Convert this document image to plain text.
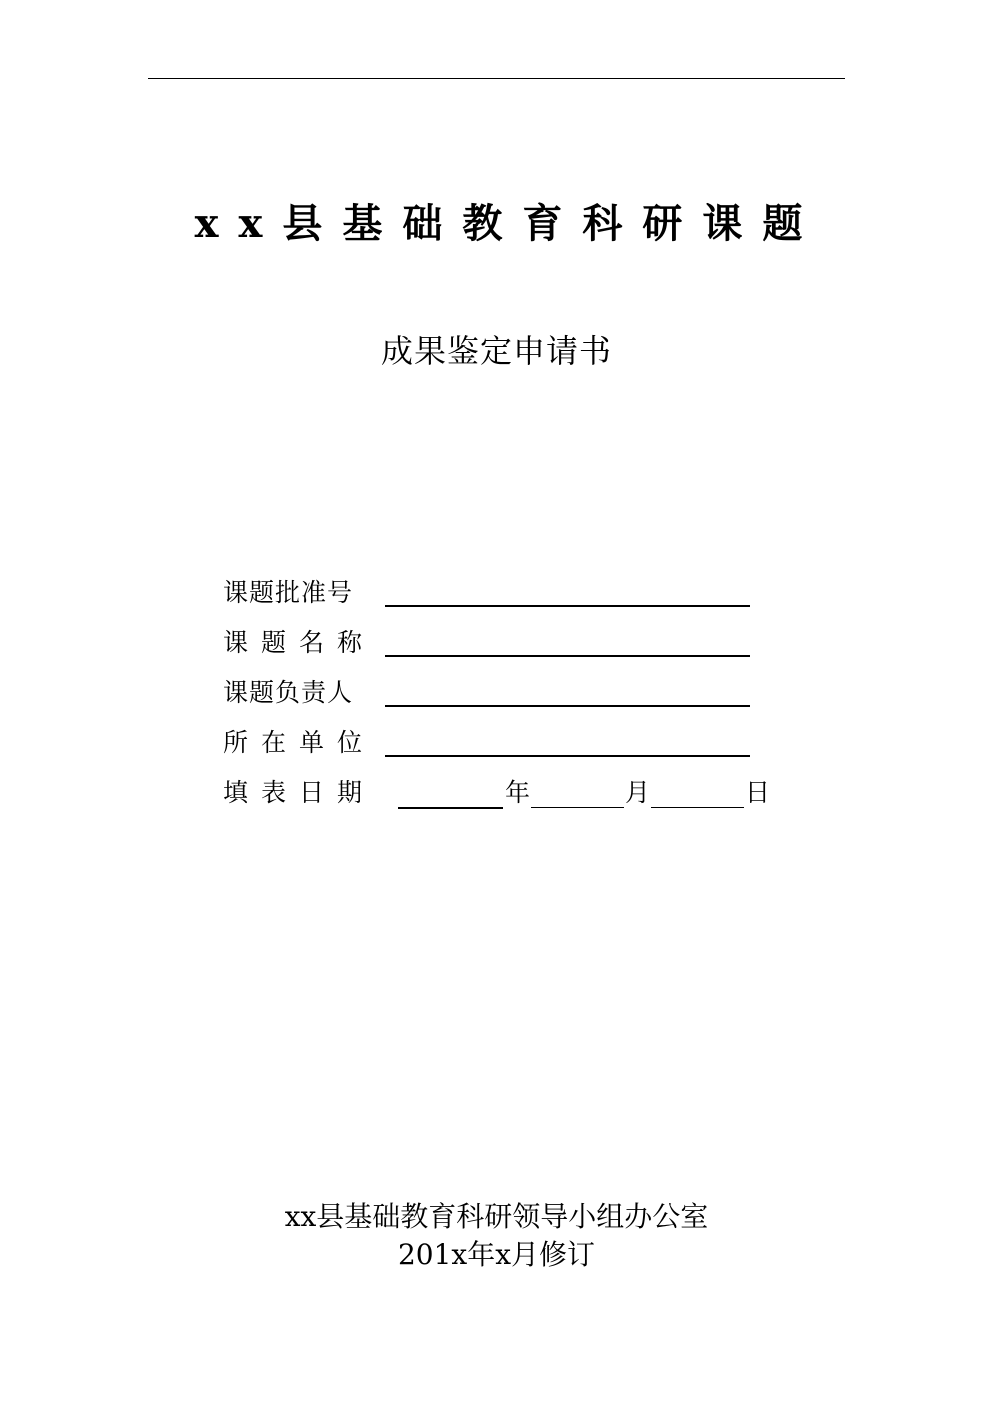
xx县基础教育科研课题
成果鉴定申请书
课题批准号
课题名称
课题负责人
所在单位
填表日期	年	月	日
xx县基础教育科研领导小组办公室
201x年x月修订
